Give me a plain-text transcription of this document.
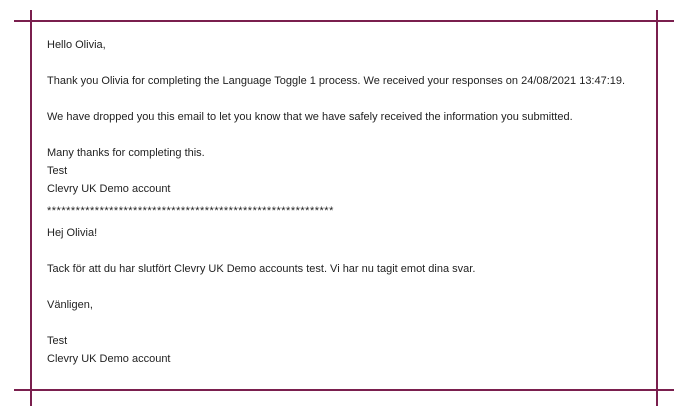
Hello Olivia,

Thank you Olivia for completing the Language Toggle 1 process. We received your responses on 24/08/2021 13:47:19.

We have dropped you this email to let you know that we have safely received the information you submitted.

Many thanks for completing this.

Test

Clevry UK Demo account

************************************************************

Hej Olivia!

Tack för att du har slutfört Clevry UK Demo accounts test. Vi har nu tagit emot dina svar.

Vänligen,

Test

Clevry UK Demo account
